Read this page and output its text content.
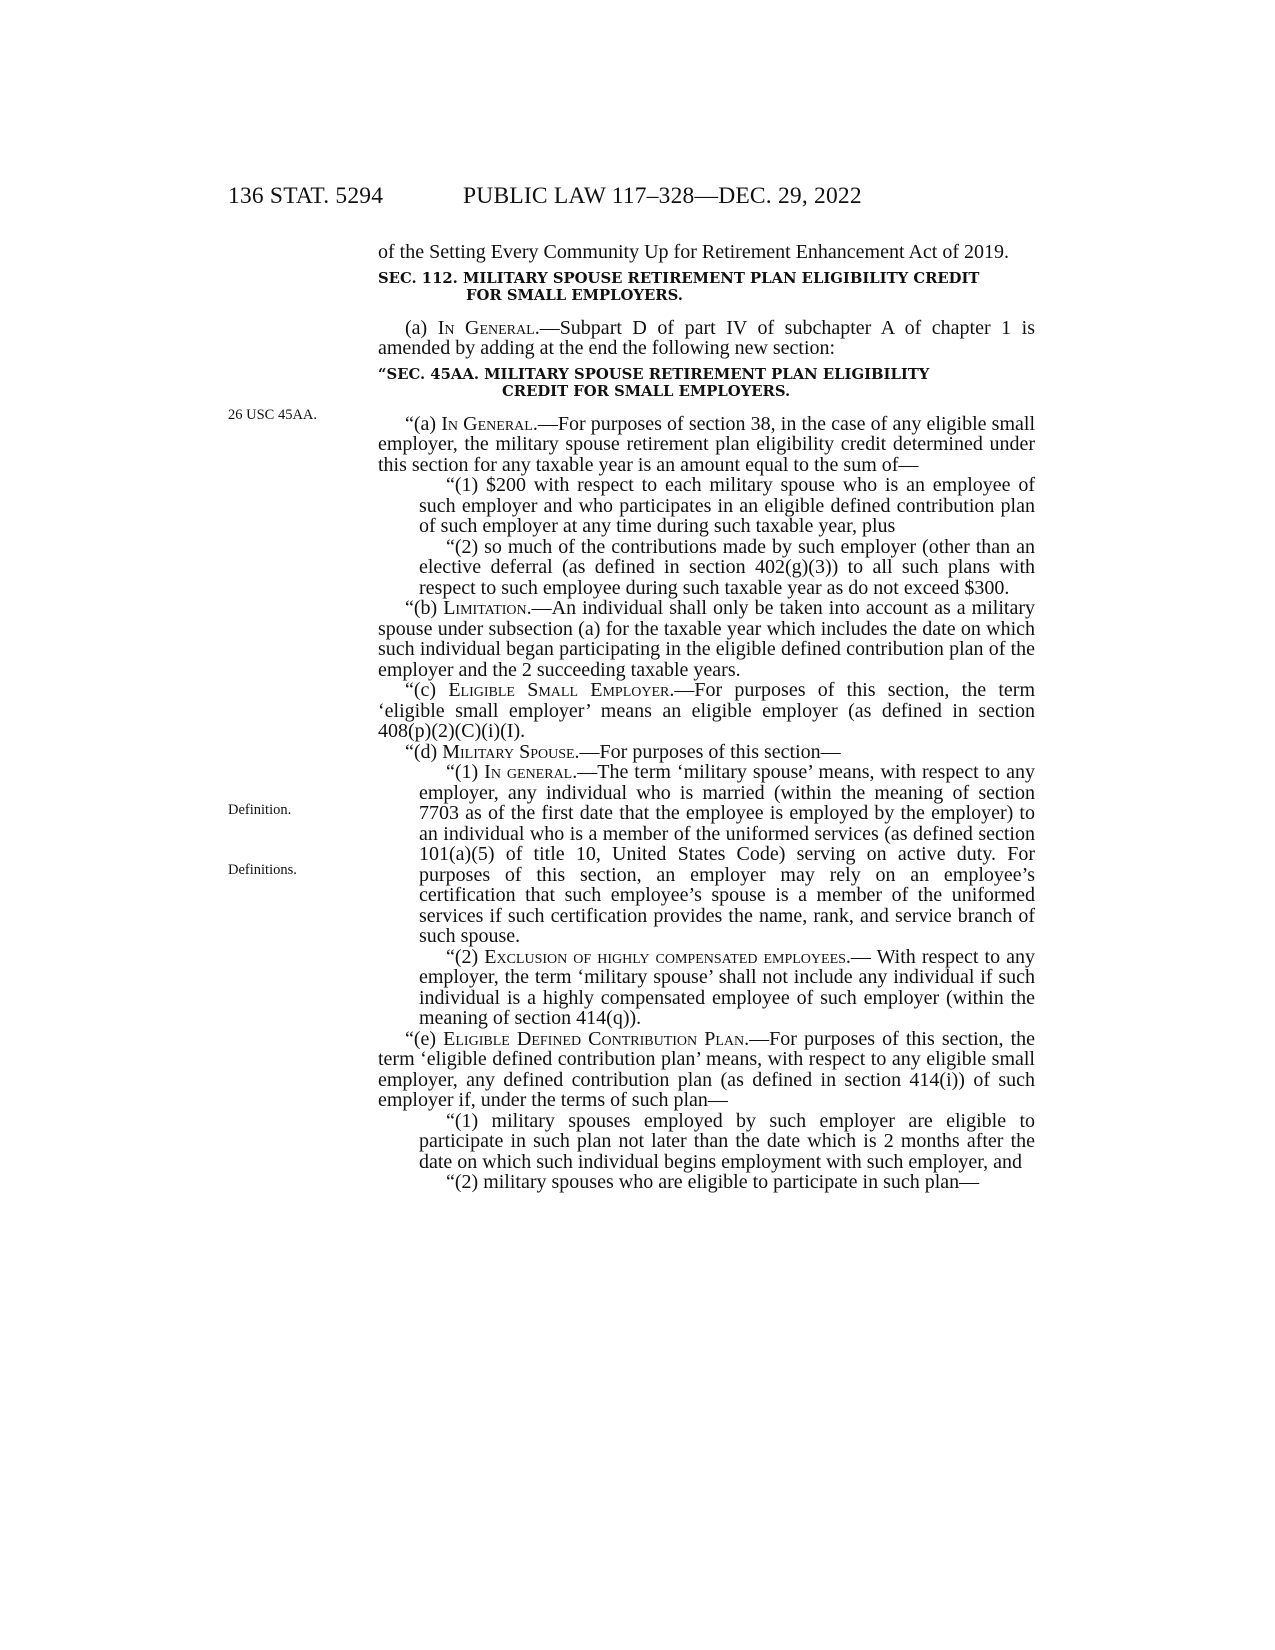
136 STAT. 5294	PUBLIC LAW 117–328—DEC. 29, 2022
26 USC 45AA.
Definition.
Definitions.

of the Setting Every Community Up for Retirement Enhancement Act of 2019.

SEC. 112. MILITARY SPOUSE RETIREMENT PLAN ELIGIBILITY CREDIT
FOR SMALL EMPLOYERS.

(a) In General.—Subpart D of part IV of subchapter A of chapter 1 is amended by adding at the end the following new section:

“SEC. 45AA. MILITARY SPOUSE RETIREMENT PLAN ELIGIBILITY
CREDIT FOR SMALL EMPLOYERS.

“(a) In General.—For purposes of section 38, in the case of any eligible small employer, the military spouse retirement plan eligibility credit determined under this section for any taxable year is an amount equal to the sum of—

“(1) $200 with respect to each military spouse who is an employee of such employer and who participates in an eligible defined contribution plan of such employer at any time during such taxable year, plus

“(2) so much of the contributions made by such employer (other than an elective deferral (as defined in section 402(g)(3)) to all such plans with respect to such employee during such taxable year as do not exceed $300.

“(b) Limitation.—An individual shall only be taken into account as a military spouse under subsection (a) for the taxable year which includes the date on which such individual began participating in the eligible defined contribution plan of the employer and the 2 succeeding taxable years.

“(c) Eligible Small Employer.—For purposes of this section, the term ‘eligible small employer’ means an eligible employer (as defined in section 408(p)(2)(C)(i)(I).

“(d) Military Spouse.—For purposes of this section—

“(1) In general.—The term ‘military spouse’ means, with respect to any employer, any individual who is married (within the meaning of section 7703 as of the first date that the employee is employed by the employer) to an individual who is a member of the uniformed services (as defined section 101(a)(5) of title 10, United States Code) serving on active duty. For purposes of this section, an employer may rely on an employee’s certification that such employee’s spouse is a member of the uniformed services if such certification provides the name, rank, and service branch of such spouse.

“(2) Exclusion of highly compensated employees.— With respect to any employer, the term ‘military spouse’ shall not include any individual if such individual is a highly compensated employee of such employer (within the meaning of section 414(q)).

“(e) Eligible Defined Contribution Plan.—For purposes of this section, the term ‘eligible defined contribution plan’ means, with respect to any eligible small employer, any defined contribution plan (as defined in section 414(i)) of such employer if, under the terms of such plan—

“(1) military spouses employed by such employer are eligible to participate in such plan not later than the date which is 2 months after the date on which such individual begins employment with such employer, and

“(2) military spouses who are eligible to participate in such plan—
